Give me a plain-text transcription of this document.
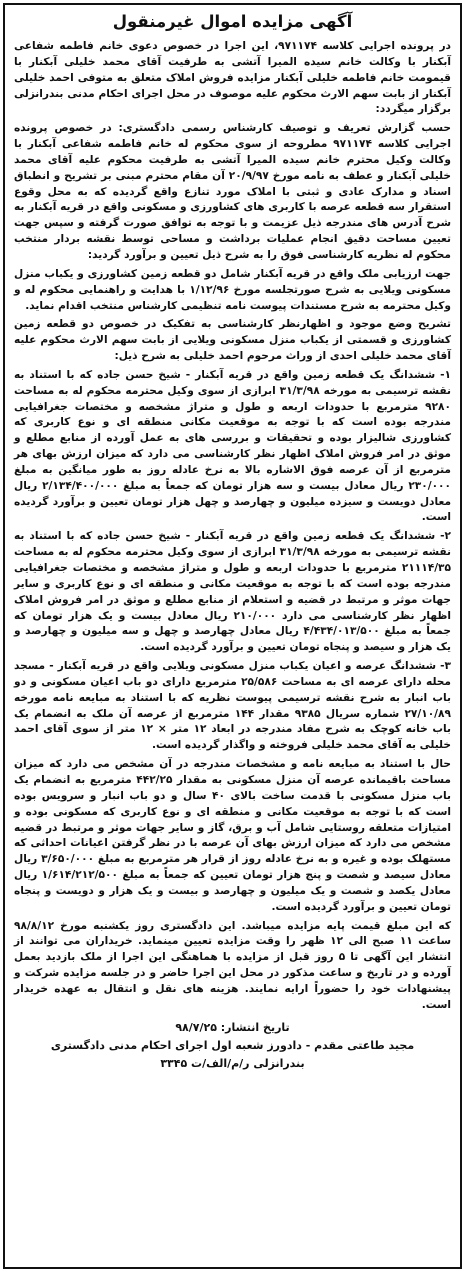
آگهی مزایده اموال غیرمنقول

در پرونده اجرایی کلاسه ۹۷۱۱۷۴، این اجرا در خصوص دعوی خانم فاطمه شفاعی آبکنار با وکالت خانم سیده المیرا آتشی به طرفیت آقای محمد خلیلی آبکنار با قیمومت خانم فاطمه خلیلی آبکنار مزایده فروش املاک متعلق به متوفی احمد خلیلی آبکنار از بابت سهم الارث محکوم علیه موصوف در محل اجرای احکام مدنی بندرانزلی برگزار میگردد:

حسب گزارش تعریف و توصیف کارشناس رسمی دادگستری: در خصوص پرونده اجرایی کلاسه ۹۷۱۱۷۴ مطروحه از سوی محکوم له خانم فاطمه شفاعی آبکنار با وکالت وکیل محترم خانم سیده المیرا آتشی به طرفیت محکوم علیه آقای محمد خلیلی آبکنار و عطف به نامه مورخ ۲۰/۹/۹۷ آن مقام محترم مبنی بر تشریح و انطباق اسناد و مدارک عادی و ثبتی با املاک مورد تنازع واقع گردیده که به محل وقوع استقرار سه قطعه عرصه با کاربری های کشاورزی و مسکونی واقع در قریه آبکنار به شرح آدرس های مندرجه ذیل عزیمت و با توجه به توافق صورت گرفته و سپس جهت تعیین مساحت دقیق انجام عملیات برداشت و مساحی توسط نقشه بردار منتخب محکوم له نظریه کارشناسی فوق را به شرح ذیل تعیین و برآورد گردید:

جهت ارزیابی ملک واقع در قریه آبکنار شامل دو قطعه زمین کشاورزی و یکباب منزل مسکونی ویلایی به شرح صورتجلسه مورخ ۱/۱۲/۹۶ با هدایت و راهنمایی محکوم له و وکیل محترمه به شرح مستندات پیوست نامه تنظیمی کارشناس منتخب اقدام نماید.

تشریح وضع موجود و اظهارنظر کارشناسی به تفکیک در خصوص دو قطعه زمین کشاورزی و قسمتی از یکباب منزل مسکونی ویلایی از بابت سهم الارث محکوم علیه آقای محمد خلیلی احدی از وراث مرحوم احمد خلیلی به شرح ذیل:

۱- ششدانگ یک قطعه زمین واقع در قریه آبکنار - شیخ حسن جاده که با استناد به نقشه ترسیمی به مورخه ۳۱/۳/۹۸ ابرازی از سوی وکیل محترمه محکوم له به مساحت ۹۲۸۰ مترمربع با حدودات اربعه و طول و متراژ مشخصه و مختصات جغرافیایی مندرجه بوده است که با توجه به موقعیت مکانی منطقه ای و نوع کاربری که کشاورزی شالیزار بوده و تحقیقات و بررسی های به عمل آورده از منابع مطلع و موثق در امر فروش املاک اظهار نظر کارشناسی می دارد که میزان ارزش بهای هر مترمربع از آن عرصه فوق الاشاره بالا به نرخ عادله روز به طور میانگین به مبلغ ۲۳۰/۰۰۰ ریال معادل بیست و سه هزار تومان که جمعاً به مبلغ ۲/۱۳۴/۴۰۰/۰۰۰ ریال معادل دویست و سیزده میلیون و چهارصد و چهل هزار تومان تعیین و برآورد گردیده است.

۲- ششدانگ یک قطعه زمین واقع در قریه آبکنار - شیخ حسن جاده که با استناد به نقشه ترسیمی به مورخه ۳۱/۳/۹۸ ابرازی از سوی وکیل محترمه محکوم له به مساحت ۲۱۱۱۴/۳۵ مترمربع با حدودات اربعه و طول و متراژ مشخصه و مختصات جغرافیایی مندرجه بوده است که با توجه به موقعیت مکانی و منطقه ای و نوع کاربری و سایر جهات موثر و مرتبط در قضیه و استعلام از منابع مطلع و موثق در امر فروش املاک اظهار نظر کارشناسی می دارد ۲۱۰/۰۰۰ ریال معادل بیست و یک هزار تومان که جمعاً به مبلغ ۴/۴۳۴/۰۱۳/۵۰۰ ریال معادل چهارصد و چهل و سه میلیون و چهارصد و یک هزار و سیصد و پنجاه تومان تعیین و برآورد گردیده است.

۳- ششدانگ عرصه و اعیان یکباب منزل مسکونی ویلایی واقع در قریه آبکنار - مسجد محله دارای عرصه ای به مساحت ۲۵/۵۸۶ مترمربع دارای دو باب اعیان مسکونی و دو باب انبار به شرح نقشه ترسیمی پیوست نظریه که با استناد به مبایعه نامه مورخه ۲۷/۱۰/۸۹ شماره سریال ۹۳۸۵ مقدار ۱۴۴ مترمربع از عرصه آن ملک به انضمام یک باب خانه کوچک به شرح مفاد مندرجه در ابعاد ۱۲ متر × ۱۲ متر از سوی آقای احمد خلیلی به آقای محمد خلیلی فروخته و واگذار گردیده است.

حال با استناد به مبایعه نامه و مشخصات مندرجه در آن مشخص می دارد که میزان مساحت باقیمانده عرصه آن منزل مسکونی به مقدار ۴۴۲/۲۵ مترمربع به انضمام یک باب منزل مسکونی با قدمت ساخت بالای ۴۰ سال و دو باب انبار و سرویس بوده است که با توجه به موقعیت مکانی و منطقه ای و نوع کاربری که مسکونی بوده و امتیازات متعلقه روستایی شامل آب و برق، گاز و سایر جهات موثر و مرتبط در قضیه مشخص می دارد که میزان ارزش بهای آن عرصه با در نظر گرفتن اعیانات احداثی که مستهلک بوده و غیره و به نرخ عادله روز از قرار هر مترمربع به مبلغ ۳/۶۵۰/۰۰۰ ریال معادل سیصد و شصت و پنج هزار تومان تعیین که جمعاً به مبلغ ۱/۶۱۴/۲۱۲/۵۰۰ ریال معادل یکصد و شصت و یک میلیون و چهارصد و بیست و یک هزار و دویست و پنجاه تومان تعیین و برآورد گردیده است.

که این مبلغ قیمت پایه مزایده میباشد. این دادگستری روز یکشنبه مورخ ۹۸/۸/۱۲ ساعت ۱۱ صبح الی ۱۲ ظهر را وقت مزایده تعیین مینماید. خریداران می توانند از انتشار این آگهی تا ۵ روز قبل از مزایده با هماهنگی این اجرا از ملک بازدید بعمل آورده و در تاریخ و ساعت مذکور در محل این اجرا حاضر و در جلسه مزایده شرکت و پیشنهادات خود را حضوراً ارایه نمایند. هزینه های نقل و انتقال به عهده خریدار است.

تاریخ انتشار: ۹۸/۷/۲۵
مجید طاعتی مقدم - دادورز شعبه اول اجرای احکام مدنی دادگستری
بندرانزلی ر/م/الف/ت ۳۳۴۵
